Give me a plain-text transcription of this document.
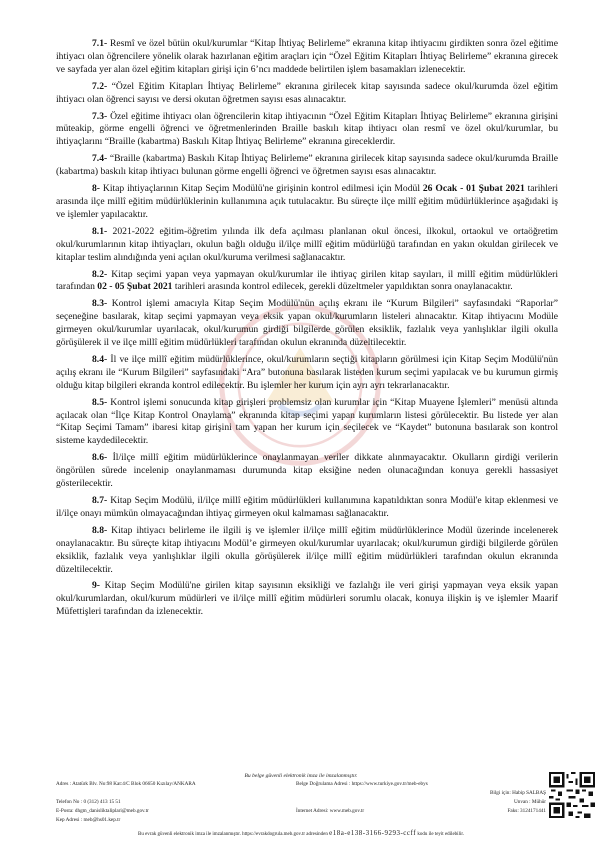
7.1- Resmî ve özel bütün okul/kurumlar “Kitap İhtiyaç Belirleme” ekranına kitap ihtiyacını girdikten sonra özel eğitime ihtiyacı olan öğrencilere yönelik olarak hazırlanan eğitim araçları için “Özel Eğitim Kitapları İhtiyaç Belirleme” ekranına girecek ve sayfada yer alan özel eğitim kitapları girişi için 6’ncı maddede belirtilen işlem basamakları izlenecektir.

7.2- “Özel Eğitim Kitapları İhtiyaç Belirleme” ekranına girilecek kitap sayısında sadece okul/kurumda özel eğitim ihtiyacı olan öğrenci sayısı ve dersi okutan öğretmen sayısı esas alınacaktır.

7.3- Özel eğitime ihtiyacı olan öğrencilerin kitap ihtiyacının “Özel Eğitim Kitapları İhtiyaç Belirleme” ekranına girişini müteakip, görme engelli öğrenci ve öğretmenlerinden Braille baskılı kitap ihtiyacı olan resmî ve özel okul/kurumlar, bu ihtiyaçlarını “Braille (kabartma) Baskılı Kitap İhtiyaç Belirleme” ekranına gireceklerdir.

7.4- “Braille (kabartma) Baskılı Kitap İhtiyaç Belirleme” ekranına girilecek kitap sayısında sadece okul/kurumda Braille (kabartma) baskılı kitap ihtiyacı bulunan görme engelli öğrenci ve öğretmen sayısı esas alınacaktır.

8- Kitap ihtiyaçlarının Kitap Seçim Modülü'ne girişinin kontrol edilmesi için Modül 26 Ocak - 01 Şubat 2021 tarihleri arasında ilçe millî eğitim müdürlüklerinin kullanımına açık tutulacaktır. Bu süreçte ilçe millî eğitim müdürlüklerince aşağıdaki iş ve işlemler yapılacaktır.

8.1- 2021-2022 eğitim-öğretim yılında ilk defa açılması planlanan okul öncesi, ilkokul, ortaokul ve ortaöğretim okul/kurumlarının kitap ihtiyaçları, okulun bağlı olduğu il/ilçe millî eğitim müdürlüğü tarafından en yakın okuldan girilecek ve kitaplar teslim alındığında yeni açılan okul/kuruma verilmesi sağlanacaktır.

8.2- Kitap seçimi yapan veya yapmayan okul/kurumlar ile ihtiyaç girilen kitap sayıları, il millî eğitim müdürlükleri tarafından 02 - 05 Şubat 2021 tarihleri arasında kontrol edilecek, gerekli düzeltmeler yapıldıktan sonra onaylanacaktır.

8.3- Kontrol işlemi amacıyla Kitap Seçim Modülü'nün açılış ekranı ile “Kurum Bilgileri” sayfasındaki “Raporlar” seçeneğine basılarak, kitap seçimi yapmayan veya eksik yapan okul/kurumların listeleri alınacaktır. Kitap ihtiyacını Modüle girmeyen okul/kurumlar uyarılacak, okul/kurumun girdiği bilgilerde görülen eksiklik, fazlalık veya yanlışlıklar ilgili okulla görüşülerek il ve ilçe millî eğitim müdürlükleri tarafından okulun ekranında düzeltilecektir.

8.4- İl ve ilçe millî eğitim müdürlüklerince, okul/kurumların seçtiği kitapların görülmesi için Kitap Seçim Modülü'nün açılış ekranı ile “Kurum Bilgileri” sayfasındaki “Ara” butonuna basılarak listeden kurum seçimi yapılacak ve bu kurumun girmiş olduğu kitap bilgileri ekranda kontrol edilecektir. Bu işlemler her kurum için ayrı ayrı tekrarlanacaktır.

8.5- Kontrol işlemi sonucunda kitap girişleri problemsiz olan kurumlar için “Kitap Muayene İşlemleri” menüsü altında açılacak olan “İlçe Kitap Kontrol Onaylama” ekranında kitap seçimi yapan kurumların listesi görülecektir. Bu listede yer alan “Kitap Seçimi Tamam” ibaresi kitap girişini tam yapan her kurum için seçilecek ve “Kaydet” butonuna basılarak son kontrol sisteme kaydedilecektir.

8.6- İl/ilçe millî eğitim müdürlüklerince onaylanmayan veriler dikkate alınmayacaktır. Okulların girdiği verilerin öngörülen sürede incelenip onaylanmaması durumunda kitap eksiğine neden olunacağından konuya gerekli hassasiyet gösterilecektir.

8.7- Kitap Seçim Modülü, il/ilçe millî eğitim müdürlükleri kullanımına kapatıldıktan sonra Modül'e kitap eklenmesi ve il/ilçe onayı mümkün olmayacağından ihtiyaç girmeyen okul kalmaması sağlanacaktır.

8.8- Kitap ihtiyacı belirleme ile ilgili iş ve işlemler il/ilçe millî eğitim müdürlüklerince Modül üzerinde incelenerek onaylanacaktır. Bu süreçte kitap ihtiyacını Modül’e girmeyen okul/kurumlar uyarılacak; okul/kurumun girdiği bilgilerde görülen eksiklik, fazlalık veya yanlışlıklar ilgili okulla görüşülerek il/ilçe millî eğitim müdürlükleri tarafından okulun ekranında düzeltilecektir.

9- Kitap Seçim Modülü'ne girilen kitap sayısının eksikliği ve fazlalığı ile veri girişi yapmayan veya eksik yapan okul/kurumlardan, okul/kurum müdürleri ve il/ilçe millî eğitim müdürleri sorumlu olacak, konuya ilişkin iş ve işlemler Maarif Müfettişleri tarafından da izlenecektir.

Bu belge güvenli elektronik imza ile imzalanmıştır.
Adres : Atatürk Blv. No:98 Kat:4/C Blok 06650 Kızılay/ANKARA	Belge Doğrulama Adresi : https://www.turkiye.gov.tr/meb-ebys
Bilgi için: Habip SALBAŞ
Telefon No : 0 (312) 413 15 51	Unvan : Mühür
E-Posta: dhgm_danisliktaliplari@meb.gov.tr	İnternet Adresi: www.meb.gov.tr	Faks: 3124171441
Kep Adresi : meb@hs01.kep.tr
Bu evrak güvenli elektronik imza ile imzalanmıştır. https://evrakdogrula.meb.gov.tr adresinden e18a-e138-3166-9293-ccff kodu ile teyit edilebilir.
